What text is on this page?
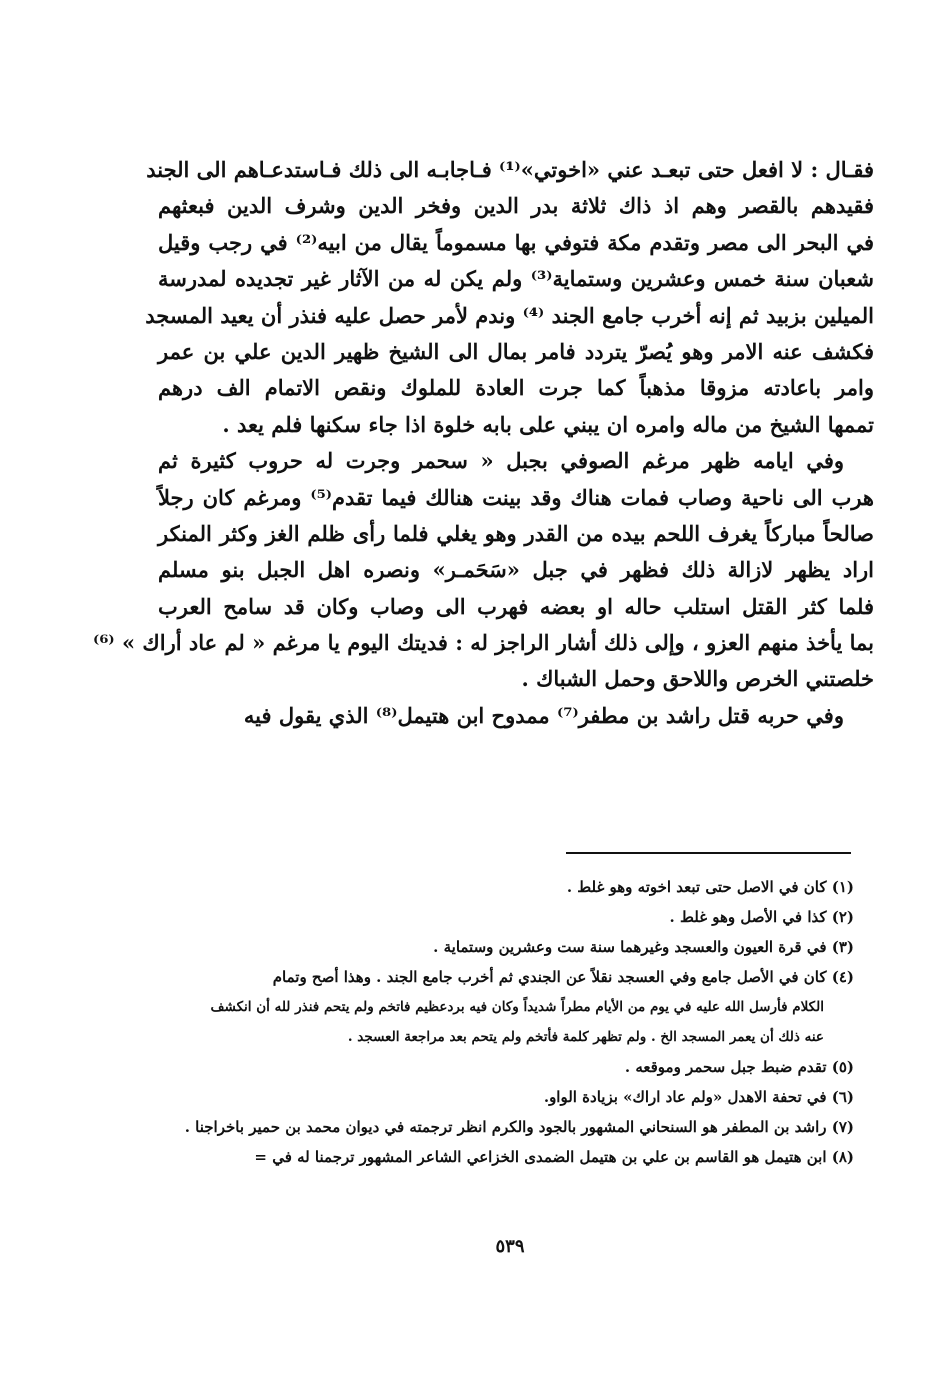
فقـال : لا افعل حتى تبعـد عني «اخوتي»⁽¹⁾ فـاجابـه الى ذلك فـاستدعـاهم الى الجند
فقيدهم بالقصر وهم اذ ذاك ثلاثة بدر الدين وفخر الدين وشرف الدين فبعثهم
في البحر الى مصر وتقدم مكة فتوفي بها مسموماً يقال من ابيه⁽²⁾ في رجب وقيل
شعبان سنة خمس وعشرين وستماية⁽³⁾ ولم يكن له من الآثار غير تجديده لمدرسة
الميلين بزبيد ثم إنه أخرب جامع الجند ⁽⁴⁾ وندم لأمر حصل عليه فنذر أن يعيد المسجد
فكشف عنه الامر وهو يُصرّ يتردد فامر بمال الى الشيخ ظهير الدين علي بن عمر
وامر باعادته مزوقا مذهباً كما جرت العادة للملوك ونقص الاتمام الف درهم
تممها الشيخ من ماله وامره ان يبني على بابه خلوة اذا جاء سكنها فلم يعد .
وفي ايامه ظهر مرغم الصوفي بجبل « سحمر وجرت له حروب كثيرة ثم
هرب الى ناحية وصاب فمات هناك وقد بينت هنالك فيما تقدم⁽⁵⁾ ومرغم كان رجلاً
صالحاً مباركاً يغرف اللحم بيده من القدر وهو يغلي فلما رأى ظلم الغز وكثر المنكر
اراد يظهر لازالة ذلك فظهر في جبل «سَحَمـر» ونصره اهل الجبل بنو مسلم
فلما كثر القتل استلب حاله او بعضه فهرب الى وصاب وكان قد سامح العرب
بما يأخذ منهم العزو ، وإلى ذلك أشار الراجز له : فديتك اليوم يا مرغم « لم عاد أراك » ⁽⁶⁾
خلصتني الخرص واللاحق وحمل الشباك .
وفي حربه قتل راشد بن مطفر⁽⁷⁾ ممدوح ابن هتيمل⁽⁸⁾ الذي يقول فيه
(١) كان في الاصل حتى تبعد اخوته وهو غلط .
(٢) كذا في الأصل وهو غلط .
(٣) في قرة العيون والعسجد وغيرهما سنة ست وعشرين وستماية .
(٤) كان في الأصل جامع وفي العسجد نقلاً عن الجندي ثم أخرب جامع الجند . وهذا أصح وتمام
الكلام فأرسل الله عليه في يوم من الأيام مطراً شديداً وكان فيه بردعظيم فاتخم ولم يتحم فنذر لله أن انكشف
عنه ذلك أن يعمر المسجد الخ . ولم تظهر كلمة فأتخم ولم يتحم بعد مراجعة العسجد .
(٥) تقدم ضبط جبل سحمر وموقعه .
(٦) في تحفة الاهدل «ولم عاد اراك» بزيادة الواو.
(٧) راشد بن المطفر هو السنحاني المشهور بالجود والكرم انظر ترجمته في ديوان محمد بن حمير باخراجنا .
(٨) ابن هتيمل هو القاسم بن علي بن هتيمل الضمدى الخزاعي الشاعر المشهور ترجمنا له في =
٥٣٩
